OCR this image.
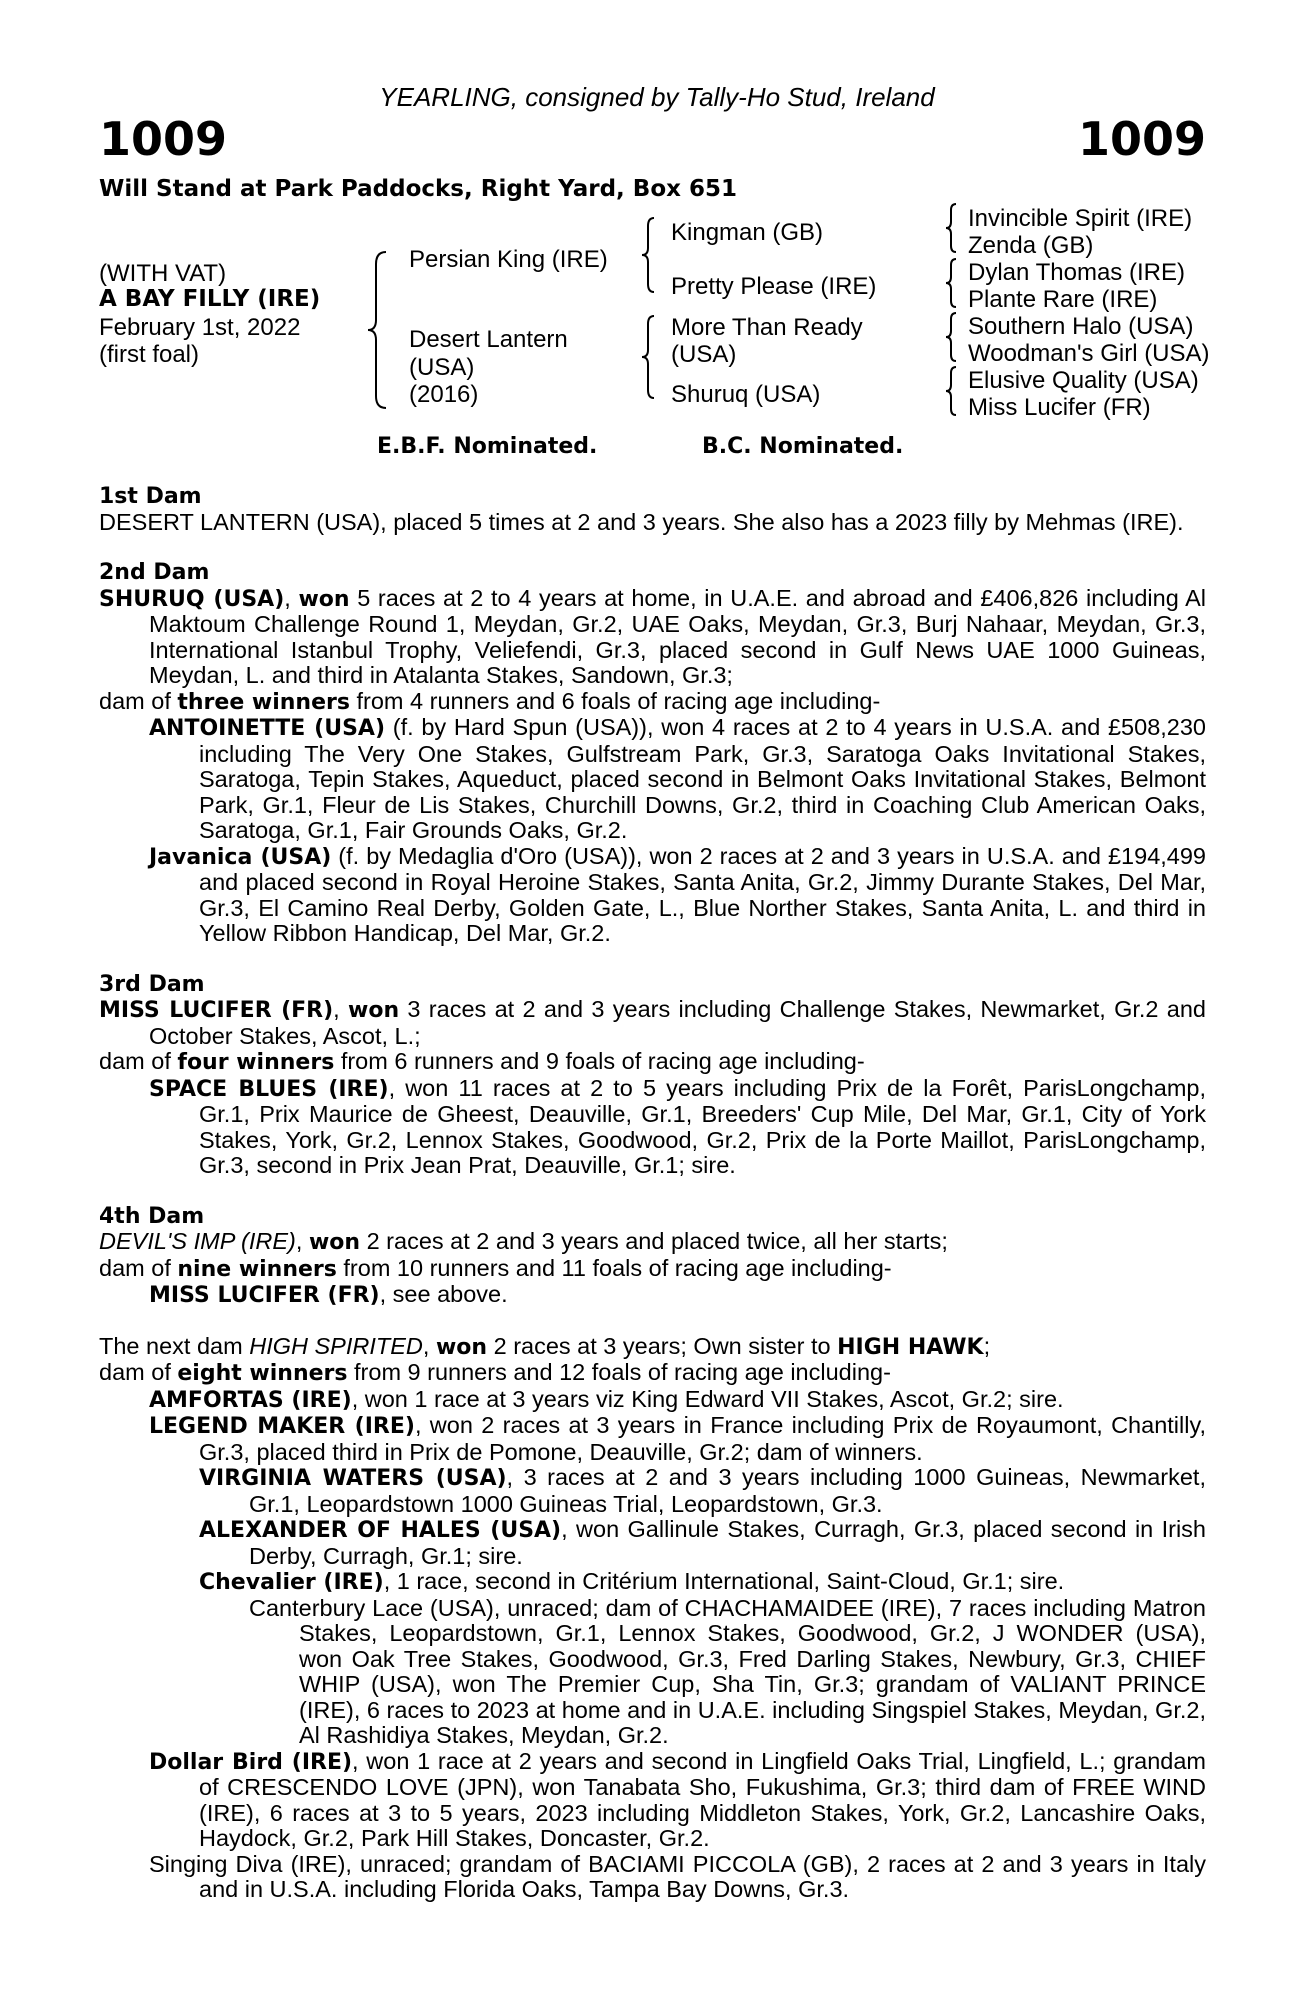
YEARLING, consigned by Tally-Ho Stud, Ireland
1009	1009
Will Stand at Park Paddocks, Right Yard, Box 651
(WITH VAT)
A BAY FILLY (IRE)
February 1st, 2022
(first foal)
Persian King (IRE)
Desert Lantern
(USA)
(2016)
Kingman (GB)
Pretty Please (IRE)
More Than Ready
(USA)
Shuruq (USA)
Invincible Spirit (IRE)
Zenda (GB)
Dylan Thomas (IRE)
Plante Rare (IRE)
Southern Halo (USA)
Woodman's Girl (USA)
Elusive Quality (USA)
Miss Lucifer (FR)
E.B.F. Nominated.	B.C. Nominated.
1st Dam

DESERT LANTERN (USA), placed 5 times at 2 and 3 years. She also has a 2023 filly by Mehmas (IRE).

2nd Dam

SHURUQ (USA), won 5 races at 2 to 4 years at home, in U.A.E. and abroad and £406,826 including Al Maktoum Challenge Round 1, Meydan, Gr.2, UAE Oaks, Meydan, Gr.3, Burj Nahaar, Meydan, Gr.3, International Istanbul Trophy, Veliefendi, Gr.3, placed second in Gulf News UAE 1000 Guineas, Meydan, L. and third in Atalanta Stakes, Sandown, Gr.3;

dam of three winners from 4 runners and 6 foals of racing age including-

ANTOINETTE (USA) (f. by Hard Spun (USA)), won 4 races at 2 to 4 years in U.S.A. and £508,230 including The Very One Stakes, Gulfstream Park, Gr.3, Saratoga Oaks Invitational Stakes, Saratoga, Tepin Stakes, Aqueduct, placed second in Belmont Oaks Invitational Stakes, Belmont Park, Gr.1, Fleur de Lis Stakes, Churchill Downs, Gr.2, third in Coaching Club American Oaks, Saratoga, Gr.1, Fair Grounds Oaks, Gr.2.

Javanica (USA) (f. by Medaglia d'Oro (USA)), won 2 races at 2 and 3 years in U.S.A. and £194,499 and placed second in Royal Heroine Stakes, Santa Anita, Gr.2, Jimmy Durante Stakes, Del Mar, Gr.3, El Camino Real Derby, Golden Gate, L., Blue Norther Stakes, Santa Anita, L. and third in Yellow Ribbon Handicap, Del Mar, Gr.2.

3rd Dam

MISS LUCIFER (FR), won 3 races at 2 and 3 years including Challenge Stakes, Newmarket, Gr.2 and October Stakes, Ascot, L.;

dam of four winners from 6 runners and 9 foals of racing age including-

SPACE BLUES (IRE), won 11 races at 2 to 5 years including Prix de la Forêt, ParisLongchamp, Gr.1, Prix Maurice de Gheest, Deauville, Gr.1, Breeders' Cup Mile, Del Mar, Gr.1, City of York Stakes, York, Gr.2, Lennox Stakes, Goodwood, Gr.2, Prix de la Porte Maillot, ParisLongchamp, Gr.3, second in Prix Jean Prat, Deauville, Gr.1; sire.

4th Dam

DEVIL'S IMP (IRE), won 2 races at 2 and 3 years and placed twice, all her starts;

dam of nine winners from 10 runners and 11 foals of racing age including-

MISS LUCIFER (FR), see above.

The next dam HIGH SPIRITED, won 2 races at 3 years; Own sister to HIGH HAWK;

dam of eight winners from 9 runners and 12 foals of racing age including-

AMFORTAS (IRE), won 1 race at 3 years viz King Edward VII Stakes, Ascot, Gr.2; sire.

LEGEND MAKER (IRE), won 2 races at 3 years in France including Prix de Royaumont, Chantilly, Gr.3, placed third in Prix de Pomone, Deauville, Gr.2; dam of winners.

VIRGINIA WATERS (USA), 3 races at 2 and 3 years including 1000 Guineas, Newmarket, Gr.1, Leopardstown 1000 Guineas Trial, Leopardstown, Gr.3.

ALEXANDER OF HALES (USA), won Gallinule Stakes, Curragh, Gr.3, placed second in Irish Derby, Curragh, Gr.1; sire.

Chevalier (IRE), 1 race, second in Critérium International, Saint-Cloud, Gr.1; sire.

Canterbury Lace (USA), unraced; dam of CHACHAMAIDEE (IRE), 7 races including Matron Stakes, Leopardstown, Gr.1, Lennox Stakes, Goodwood, Gr.2, J WONDER (USA), won Oak Tree Stakes, Goodwood, Gr.3, Fred Darling Stakes, Newbury, Gr.3, CHIEF WHIP (USA), won The Premier Cup, Sha Tin, Gr.3; grandam of VALIANT PRINCE (IRE), 6 races to 2023 at home and in U.A.E. including Singspiel Stakes, Meydan, Gr.2, Al Rashidiya Stakes, Meydan, Gr.2.

Dollar Bird (IRE), won 1 race at 2 years and second in Lingfield Oaks Trial, Lingfield, L.; grandam of CRESCENDO LOVE (JPN), won Tanabata Sho, Fukushima, Gr.3; third dam of FREE WIND (IRE), 6 races at 3 to 5 years, 2023 including Middleton Stakes, York, Gr.2, Lancashire Oaks, Haydock, Gr.2, Park Hill Stakes, Doncaster, Gr.2.

Singing Diva (IRE), unraced; grandam of BACIAMI PICCOLA (GB), 2 races at 2 and 3 years in Italy and in U.S.A. including Florida Oaks, Tampa Bay Downs, Gr.3.
